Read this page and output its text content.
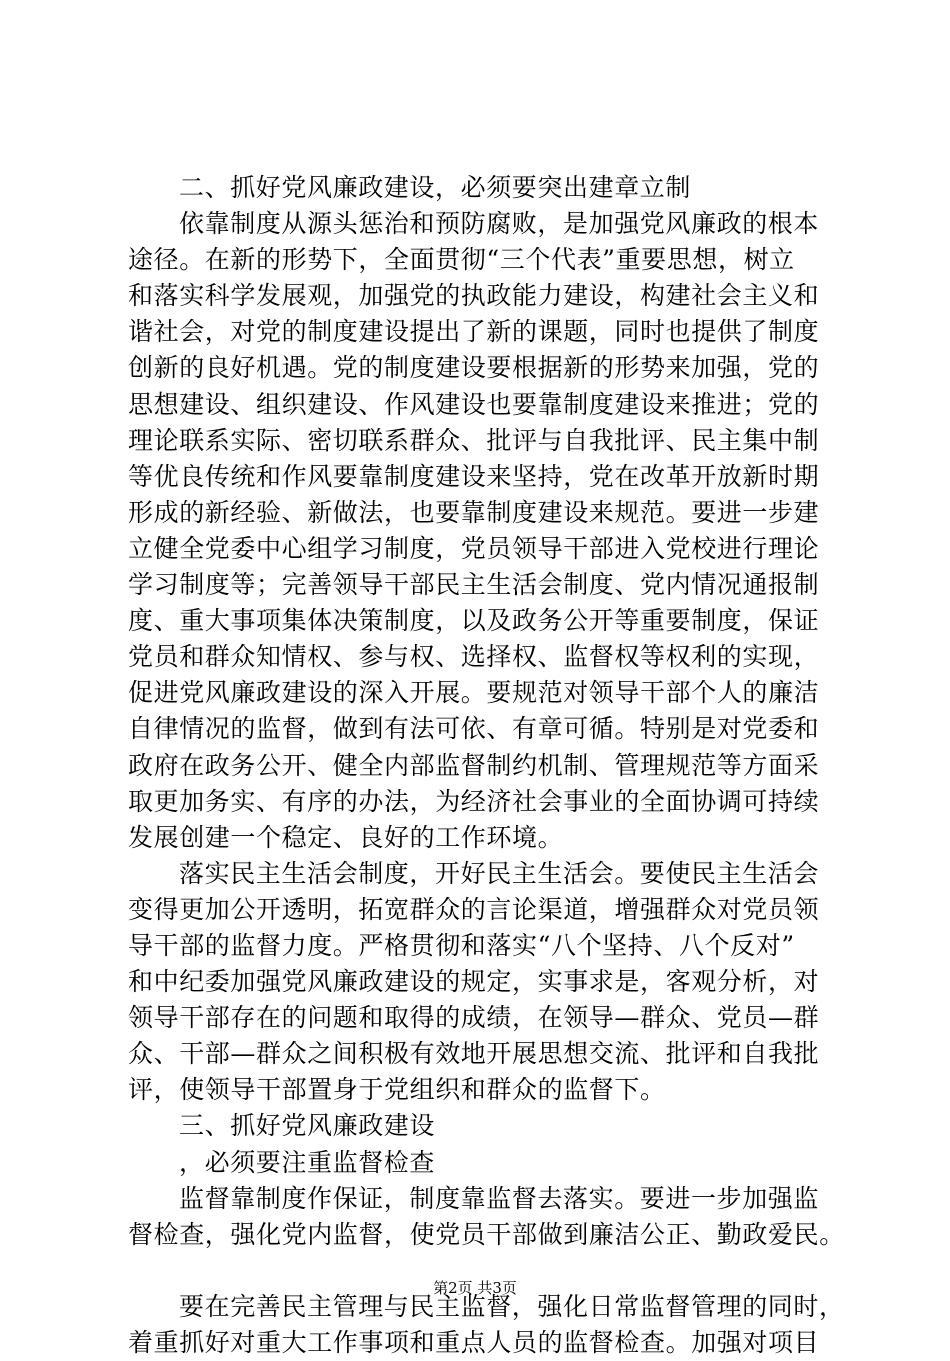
二、抓好党风廉政建设，必须要突出建章立制
依靠制度从源头惩治和预防腐败，是加强党风廉政的根本
途径。在新的形势下，全面贯彻“三个代表”重要思想，树立
和落实科学发展观，加强党的执政能力建设，构建社会主义和
谐社会，对党的制度建设提出了新的课题，同时也提供了制度
创新的良好机遇。党的制度建设要根据新的形势来加强，党的
思想建设、组织建设、作风建设也要靠制度建设来推进；党的
理论联系实际、密切联系群众、批评与自我批评、民主集中制
等优良传统和作风要靠制度建设来坚持，党在改革开放新时期
形成的新经验、新做法，也要靠制度建设来规范。要进一步建
立健全党委中心组学习制度，党员领导干部进入党校进行理论
学习制度等；完善领导干部民主生活会制度、党内情况通报制
度、重大事项集体决策制度，以及政务公开等重要制度，保证
党员和群众知情权、参与权、选择权、监督权等权利的实现，
促进党风廉政建设的深入开展。要规范对领导干部个人的廉洁
自律情况的监督，做到有法可依、有章可循。特别是对党委和
政府在政务公开、健全内部监督制约机制、管理规范等方面采
取更加务实、有序的办法，为经济社会事业的全面协调可持续
发展创建一个稳定、良好的工作环境。
落实民主生活会制度，开好民主生活会。要使民主生活会
变得更加公开透明，拓宽群众的言论渠道，增强群众对党员领
导干部的监督力度。严格贯彻和落实“八个坚持、八个反对”
和中纪委加强党风廉政建设的规定，实事求是，客观分析，对
领导干部存在的问题和取得的成绩，在领导—群众、党员—群
众、干部—群众之间积极有效地开展思想交流、批评和自我批
评，使领导干部置身于党组织和群众的监督下。
三、抓好党风廉政建设
，必须要注重监督检查
监督靠制度作保证，制度靠监督去落实。要进一步加强监
督检查，强化党内监督，使党员干部做到廉洁公正、勤政爱民。
要在完善民主管理与民主监督，强化日常监督管理的同时，
着重抓好对重大工作事项和重点人员的监督检查。加强对项目
第2页 共3页
